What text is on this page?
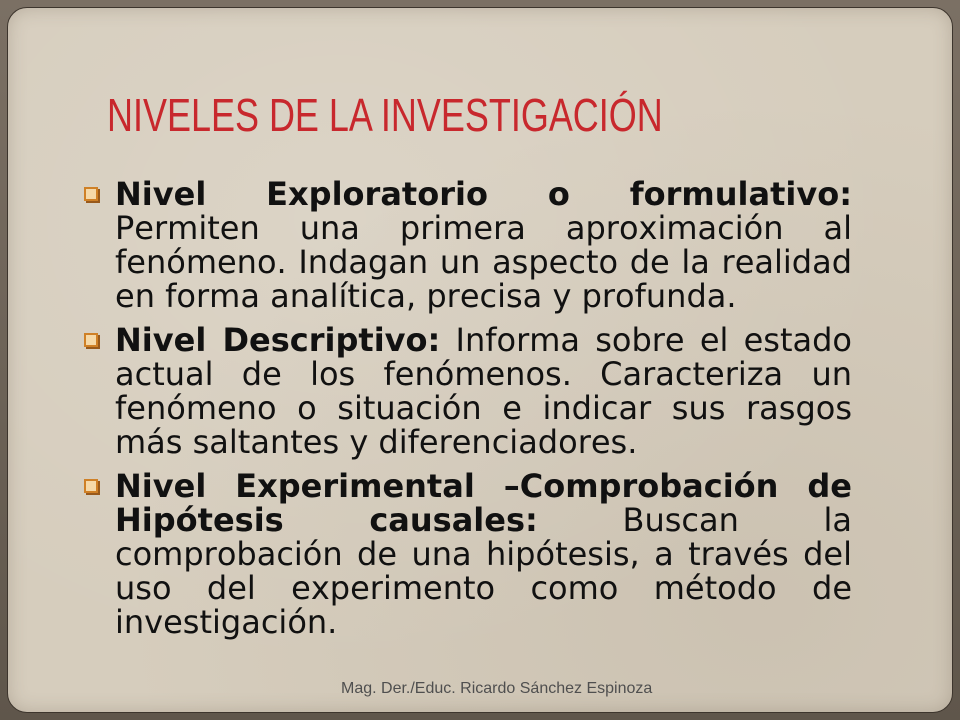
NIVELES DE LA INVESTIGACIÓN

Nivel Exploratorio o formulativo: Permiten una primera aproximación al fenómeno. Indagan un aspecto de la realidad en forma analítica, precisa y profunda.

Nivel Descriptivo: Informa sobre el estado actual de los fenómenos. Caracteriza un fenómeno o situación e indicar sus rasgos más saltantes y diferenciadores.

Nivel Experimental –Comprobación de Hipótesis causales:	Buscan la comprobación de una hipótesis, a través del uso del experimento como método de investigación.

Mag. Der./Educ. Ricardo Sánchez Espinoza
